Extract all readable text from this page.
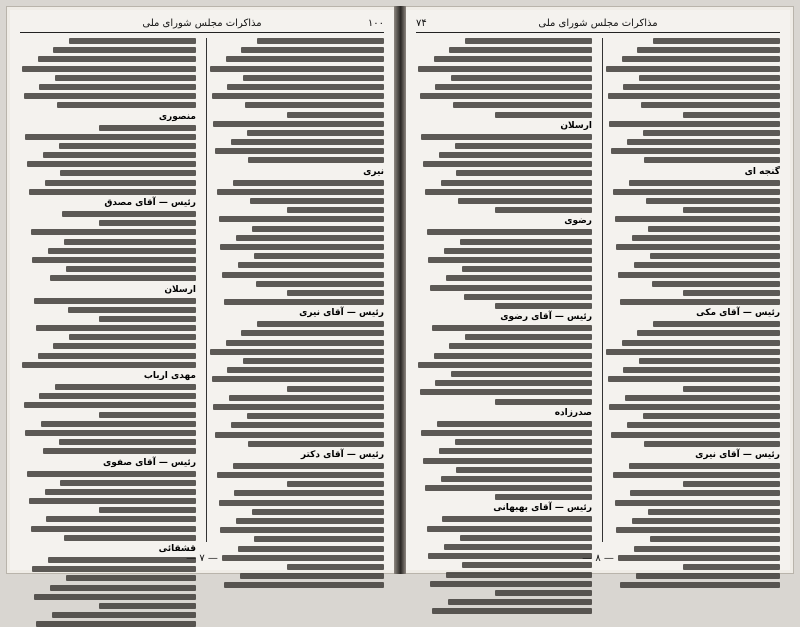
۱۰۰
مذاکرات مجلس شورای ملی
نیری
رئیس — آقای نیری
رئیس — آقای دکتر
منصوری
رئیس — آقای مصدق
ارسلان
مهدی ارباب
رئیس — آقای صفوی
قشقائی
— ۷ —
۷۴	مذاکرات مجلس شورای ملی
گنجه ای
رئیس — آقای مکی
رئیس — آقای نیری
ارسلان
رضوی
رئیس — آقای رضوی
صدرزاده
رئیس — آقای بهبهانی
— ۸ —
